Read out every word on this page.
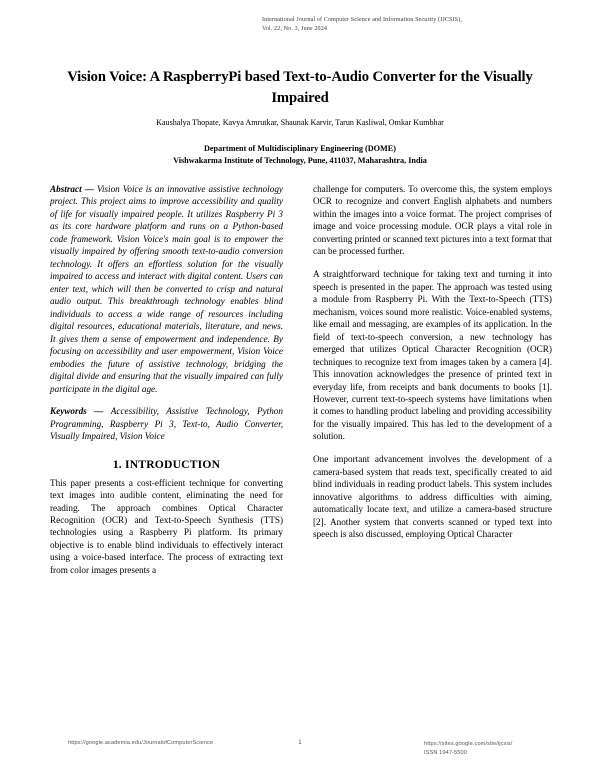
International Journal of Computer Science and Information Security (IJCSIS),
Vol. 22, No. 3, June 2024
Vision Voice: A RaspberryPi based Text-to-Audio Converter for the Visually Impaired
Kaushalya Thopate, Kavya Amrutkar, Shaunak Karvir, Tarun Kasliwal, Omkar Kumbhar
Department of Multidisciplinary Engineering (DOME)
Vishwakarma Institute of Technology, Pune, 411037, Maharashtra, India

Abstract — Vision Voice is an innovative assistive technology project. This project aims to improve accessibility and quality of life for visually impaired people. It utilizes Raspberry Pi 3 as its core hardware platform and runs on a Python-based code framework. Vision Voice's main goal is to empower the visually impaired by offering smooth text-to-audio conversion technology. It offers an effortless solution for the visually impaired to access and interact with digital content. Users can enter text, which will then be converted to crisp and natural audio output. This breakthrough technology enables blind individuals to access a wide range of resources including digital resources, educational materials, literature, and news. It gives them a sense of empowerment and independence. By focusing on accessibility and user empowerment, Vision Voice embodies the future of assistive technology, bridging the digital divide and ensuring that the visually impaired can fully participate in the digital age.

Keywords — Accessibility, Assistive Technology, Python Programming, Raspberry Pi 3, Text-to, Audio Converter, Visually Impaired, Vision Voice

1. INTRODUCTION

This paper presents a cost-efficient technique for converting text images into audible content, eliminating the need for reading. The approach combines Optical Character Recognition (OCR) and Text-to-Speech Synthesis (TTS) technologies using a Raspberry Pi platform. Its primary objective is to enable blind individuals to effectively interact using a voice-based interface. The process of extracting text from color images presents a

challenge for computers. To overcome this, the system employs OCR to recognize and convert English alphabets and numbers within the images into a voice format. The project comprises of image and voice processing module. OCR plays a vital role in converting printed or scanned text pictures into a text format that can be processed further.

A straightforward technique for taking text and turning it into speech is presented in the paper. The approach was tested using a module from Raspberry Pi. With the Text-to-Speech (TTS) mechanism, voices sound more realistic. Voice-enabled systems, like email and messaging, are examples of its application. In the field of text-to-speech conversion, a new technology has emerged that utilizes Optical Character Recognition (OCR) techniques to recognize text from images taken by a camera [4]. This innovation acknowledges the presence of printed text in everyday life, from receipts and bank documents to books [1]. However, current text-to-speech systems have limitations when it comes to handling product labeling and providing accessibility for the visually impaired. This has led to the development of a solution.

One important advancement involves the development of a camera-based system that reads text, specifically created to aid blind individuals in reading product labels. This system includes innovative algorithms to address difficulties with aiming, automatically locate text, and utilize a camera-based structure [2]. Another system that converts scanned or typed text into speech is also discussed, employing Optical Character

https://google.academia.edu/JournalofComputerScience	1	https://sites.google.com/site/ijcsis/
ISSN 1947-5500
